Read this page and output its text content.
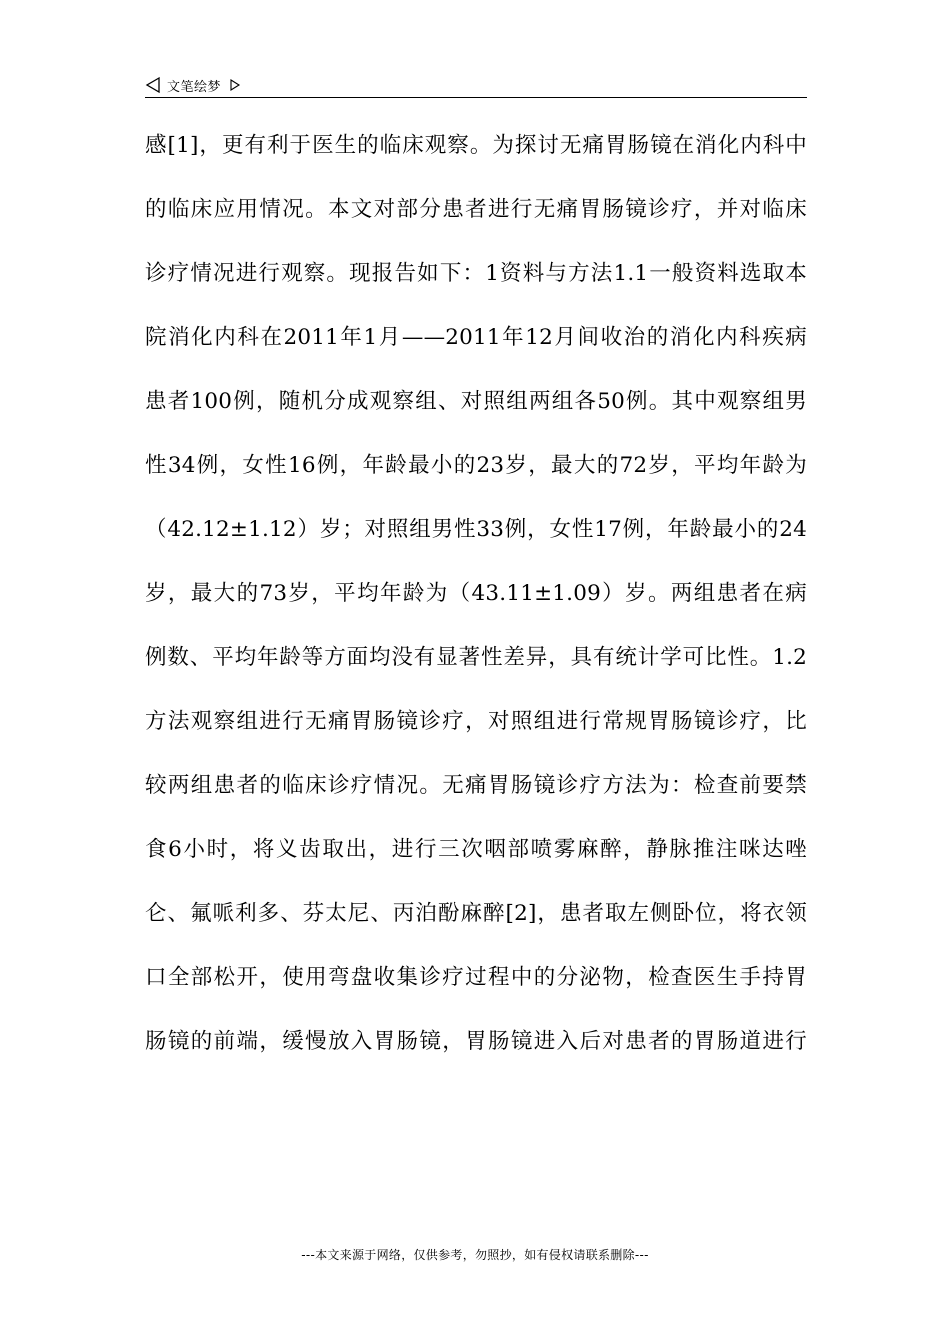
文笔绘梦
感[1]，更有利于医生的临床观察。为探讨无痛胃肠镜在消化内科中
的临床应用情况。本文对部分患者进行无痛胃肠镜诊疗，并对临床
诊疗情况进行观察。现报告如下：1资料与方法1.1一般资料选取本
院消化内科在2011年1月——2011年12月间收治的消化内科疾病
患者100例，随机分成观察组、对照组两组各50例。其中观察组男
性34例，女性16例，年龄最小的23岁，最大的72岁，平均年龄为
（42.12±1.12）岁；对照组男性33例，女性17例，年龄最小的24
岁，最大的73岁，平均年龄为（43.11±1.09）岁。两组患者在病
例数、平均年龄等方面均没有显著性差异，具有统计学可比性。1.2
方法观察组进行无痛胃肠镜诊疗，对照组进行常规胃肠镜诊疗，比
较两组患者的临床诊疗情况。无痛胃肠镜诊疗方法为：检查前要禁
食6小时，将义齿取出，进行三次咽部喷雾麻醉，静脉推注咪达唑
仑、氟哌利多、芬太尼、丙泊酚麻醉[2]，患者取左侧卧位，将衣领
口全部松开，使用弯盘收集诊疗过程中的分泌物，检查医生手持胃
肠镜的前端，缓慢放入胃肠镜，胃肠镜进入后对患者的胃肠道进行
---本文来源于网络，仅供参考，勿照抄，如有侵权请联系删除---
